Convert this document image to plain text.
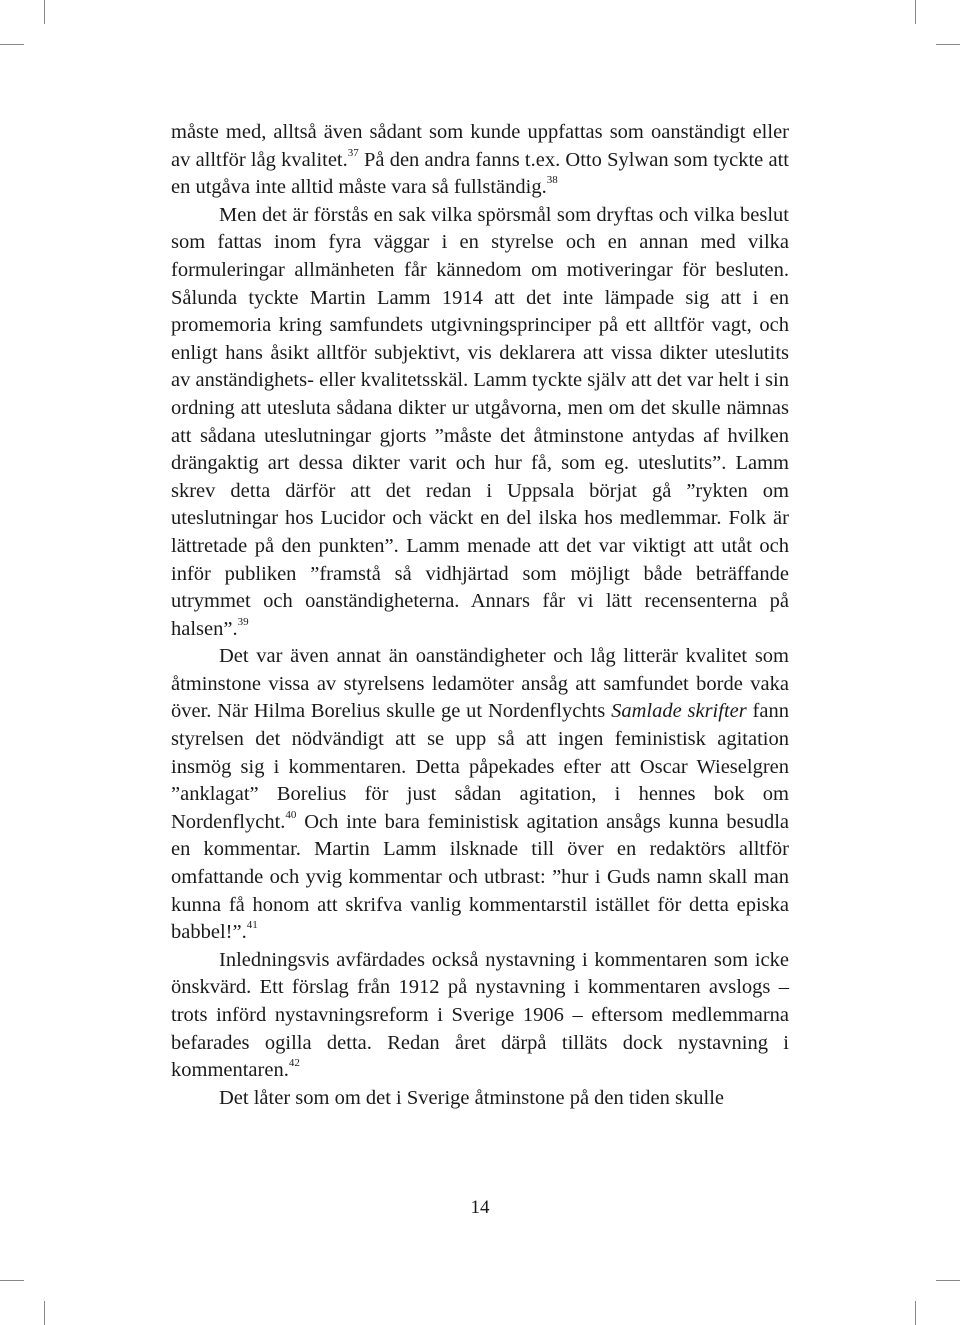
måste med, alltså även sådant som kunde uppfattas som oanständigt eller av alltför låg kvalitet.$^{37}$ På den andra fanns t.ex. Otto Sylwan som tyckte att en utgåva inte alltid måste vara så fullständig.$^{38}$

Men det är förstås en sak vilka spörsmål som dryftas och vilka beslut som fattas inom fyra väggar i en styrelse och en annan med vilka formuleringar allmänheten får kännedom om motiveringar för besluten. Sålunda tyckte Martin Lamm 1914 att det inte lämpade sig att i en promemoria kring samfundets utgivningsprinciper på ett alltför vagt, och enligt hans åsikt alltför subjektivt, vis deklarera att vissa dikter uteslutits av anständighets- eller kvalitetsskäl. Lamm tyckte själv att det var helt i sin ordning att utesluta sådana dikter ur utgåvorna, men om det skulle nämnas att sådana uteslutningar gjorts ”måste det åtminstone antydas af hvilken drängaktig art dessa dikter varit och hur få, som eg. uteslutits”. Lamm skrev detta därför att det redan i Uppsala börjat gå ”rykten om uteslutningar hos Lucidor och väckt en del ilska hos medlemmar. Folk är lättretade på den punkten”. Lamm menade att det var viktigt att utåt och inför publiken ”framstå så vidhjärtad som möjligt både beträffande utrymmet och oanständigheterna. Annars får vi lätt recensenterna på halsen”.$^{39}$

Det var även annat än oanständigheter och låg litterär kvalitet som åtminstone vissa av styrelsens ledamöter ansåg att samfundet borde vaka över. När Hilma Borelius skulle ge ut Nordenflychts Samlade skrifter fann styrelsen det nödvändigt att se upp så att ingen feministisk agitation insmög sig i kommentaren. Detta påpekades efter att Oscar Wieselgren ”anklagat” Borelius för just sådan agitation, i hennes bok om Nordenflycht.$^{40}$ Och inte bara feministisk agitation ansågs kunna besudla en kommentar. Martin Lamm ilsknade till över en redaktörs alltför omfattande och yvig kommentar och utbrast: ”hur i Guds namn skall man kunna få honom att skrifva vanlig kommentarstil istället för detta episka babbel!”.$^{41}$

Inledningsvis avfärdades också nystavning i kommentaren som icke önskvärd. Ett förslag från 1912 på nystavning i kommentaren avslogs – trots införd nystavningsreform i Sverige 1906 – eftersom medlemmarna befarades ogilla detta. Redan året därpå tilläts dock nystavning i kommentaren.$^{42}$

Det låter som om det i Sverige åtminstone på den tiden skulle

14
